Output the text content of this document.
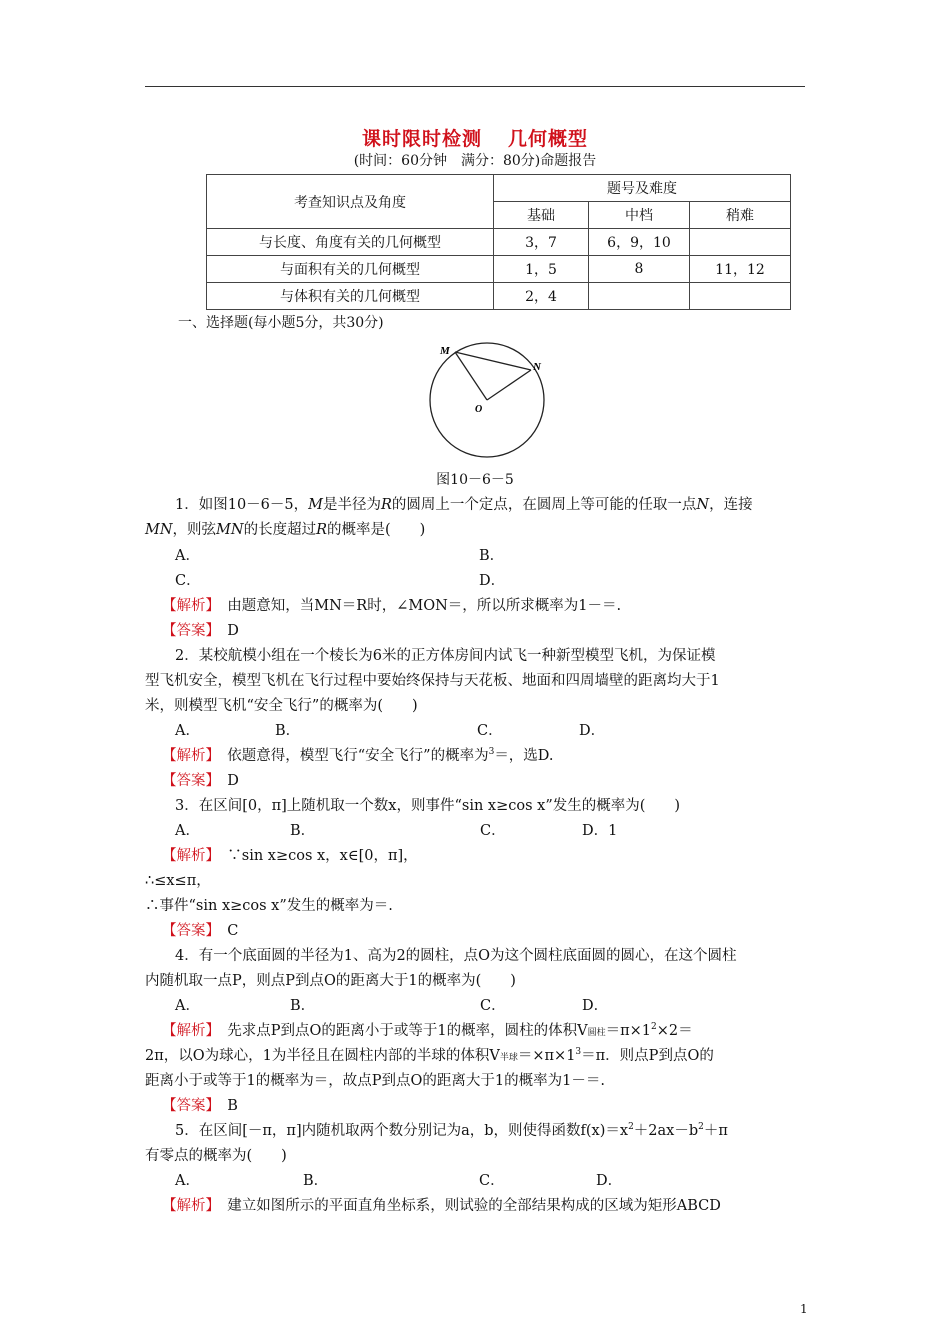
课时限时检测 几何概型
(时间：60分钟　满分：80分)命题报告
考查知识点及角度	题号及难度		
	基础	中档	稍难
与长度、角度有关的几何概型	3，7	6，9，10	
与面积有关的几何概型	1，5	8	11，12
与体积有关的几何概型	2，4		
一、选择题(每小题5分，共30分)
M
N
O
图10－6－5
1．如图10－6－5，M是半径为R的圆周上一个定点，在圆周上等可能的任取一点N，连接
MN，则弦MN的长度超过R的概率是(　　)
A．	B．
C．	D．
【解析】　 由题意知，当MN＝R时，∠MON＝，所以所求概率为1－＝.
【答案】　 D
2．某校航模小组在一个棱长为6米的正方体房间内试飞一种新型模型飞机，为保证模
型飞机安全，模型飞机在飞行过程中要始终保持与天花板、地面和四周墙壁的距离均大于1
米，则模型飞机“安全飞行”的概率为(　　)
A．	B．	C．	D．
【解析】　 依题意得，模型飞行“安全飞行”的概率为$^3$＝，选D.
【答案】　 D
3．在区间[0，π]上随机取一个数x，则事件“sin x≥cos x”发生的概率为(　　)
A．	B．	C．	D．1
【解析】　 ∵sin x≥cos x，x∈[0，π]，
∴≤x≤π，
∴事件“sin x≥cos x”发生的概率为＝.
【答案】　 C
4．有一个底面圆的半径为1、高为2的圆柱，点O为这个圆柱底面圆的圆心，在这个圆柱
内随机取一点P，则点P到点O的距离大于1的概率为(　　)
A．	B．	C．	D．
【解析】　 先求点P到点O的距离小于或等于1的概率，圆柱的体积V圆柱$=\pi\times 1^2\times 2=$
2π，以O为球心，1为半径且在圆柱内部的半球的体积V半球$=\times\pi\times 1^3=\pi$．则点P到点O的
距离小于或等于1的概率为＝，故点P到点O的距离大于1的概率为1－＝.
【答案】　 B
5．在区间[－π，π]内随机取两个数分别记为a，b，则使得函数$f(x)=x^2+2ax-b^2+\pi$
有零点的概率为(　　)
A．	B．	C．	D．
【解析】　 建立如图所示的平面直角坐标系，则试验的全部结果构成的区域为矩形ABCD
1
